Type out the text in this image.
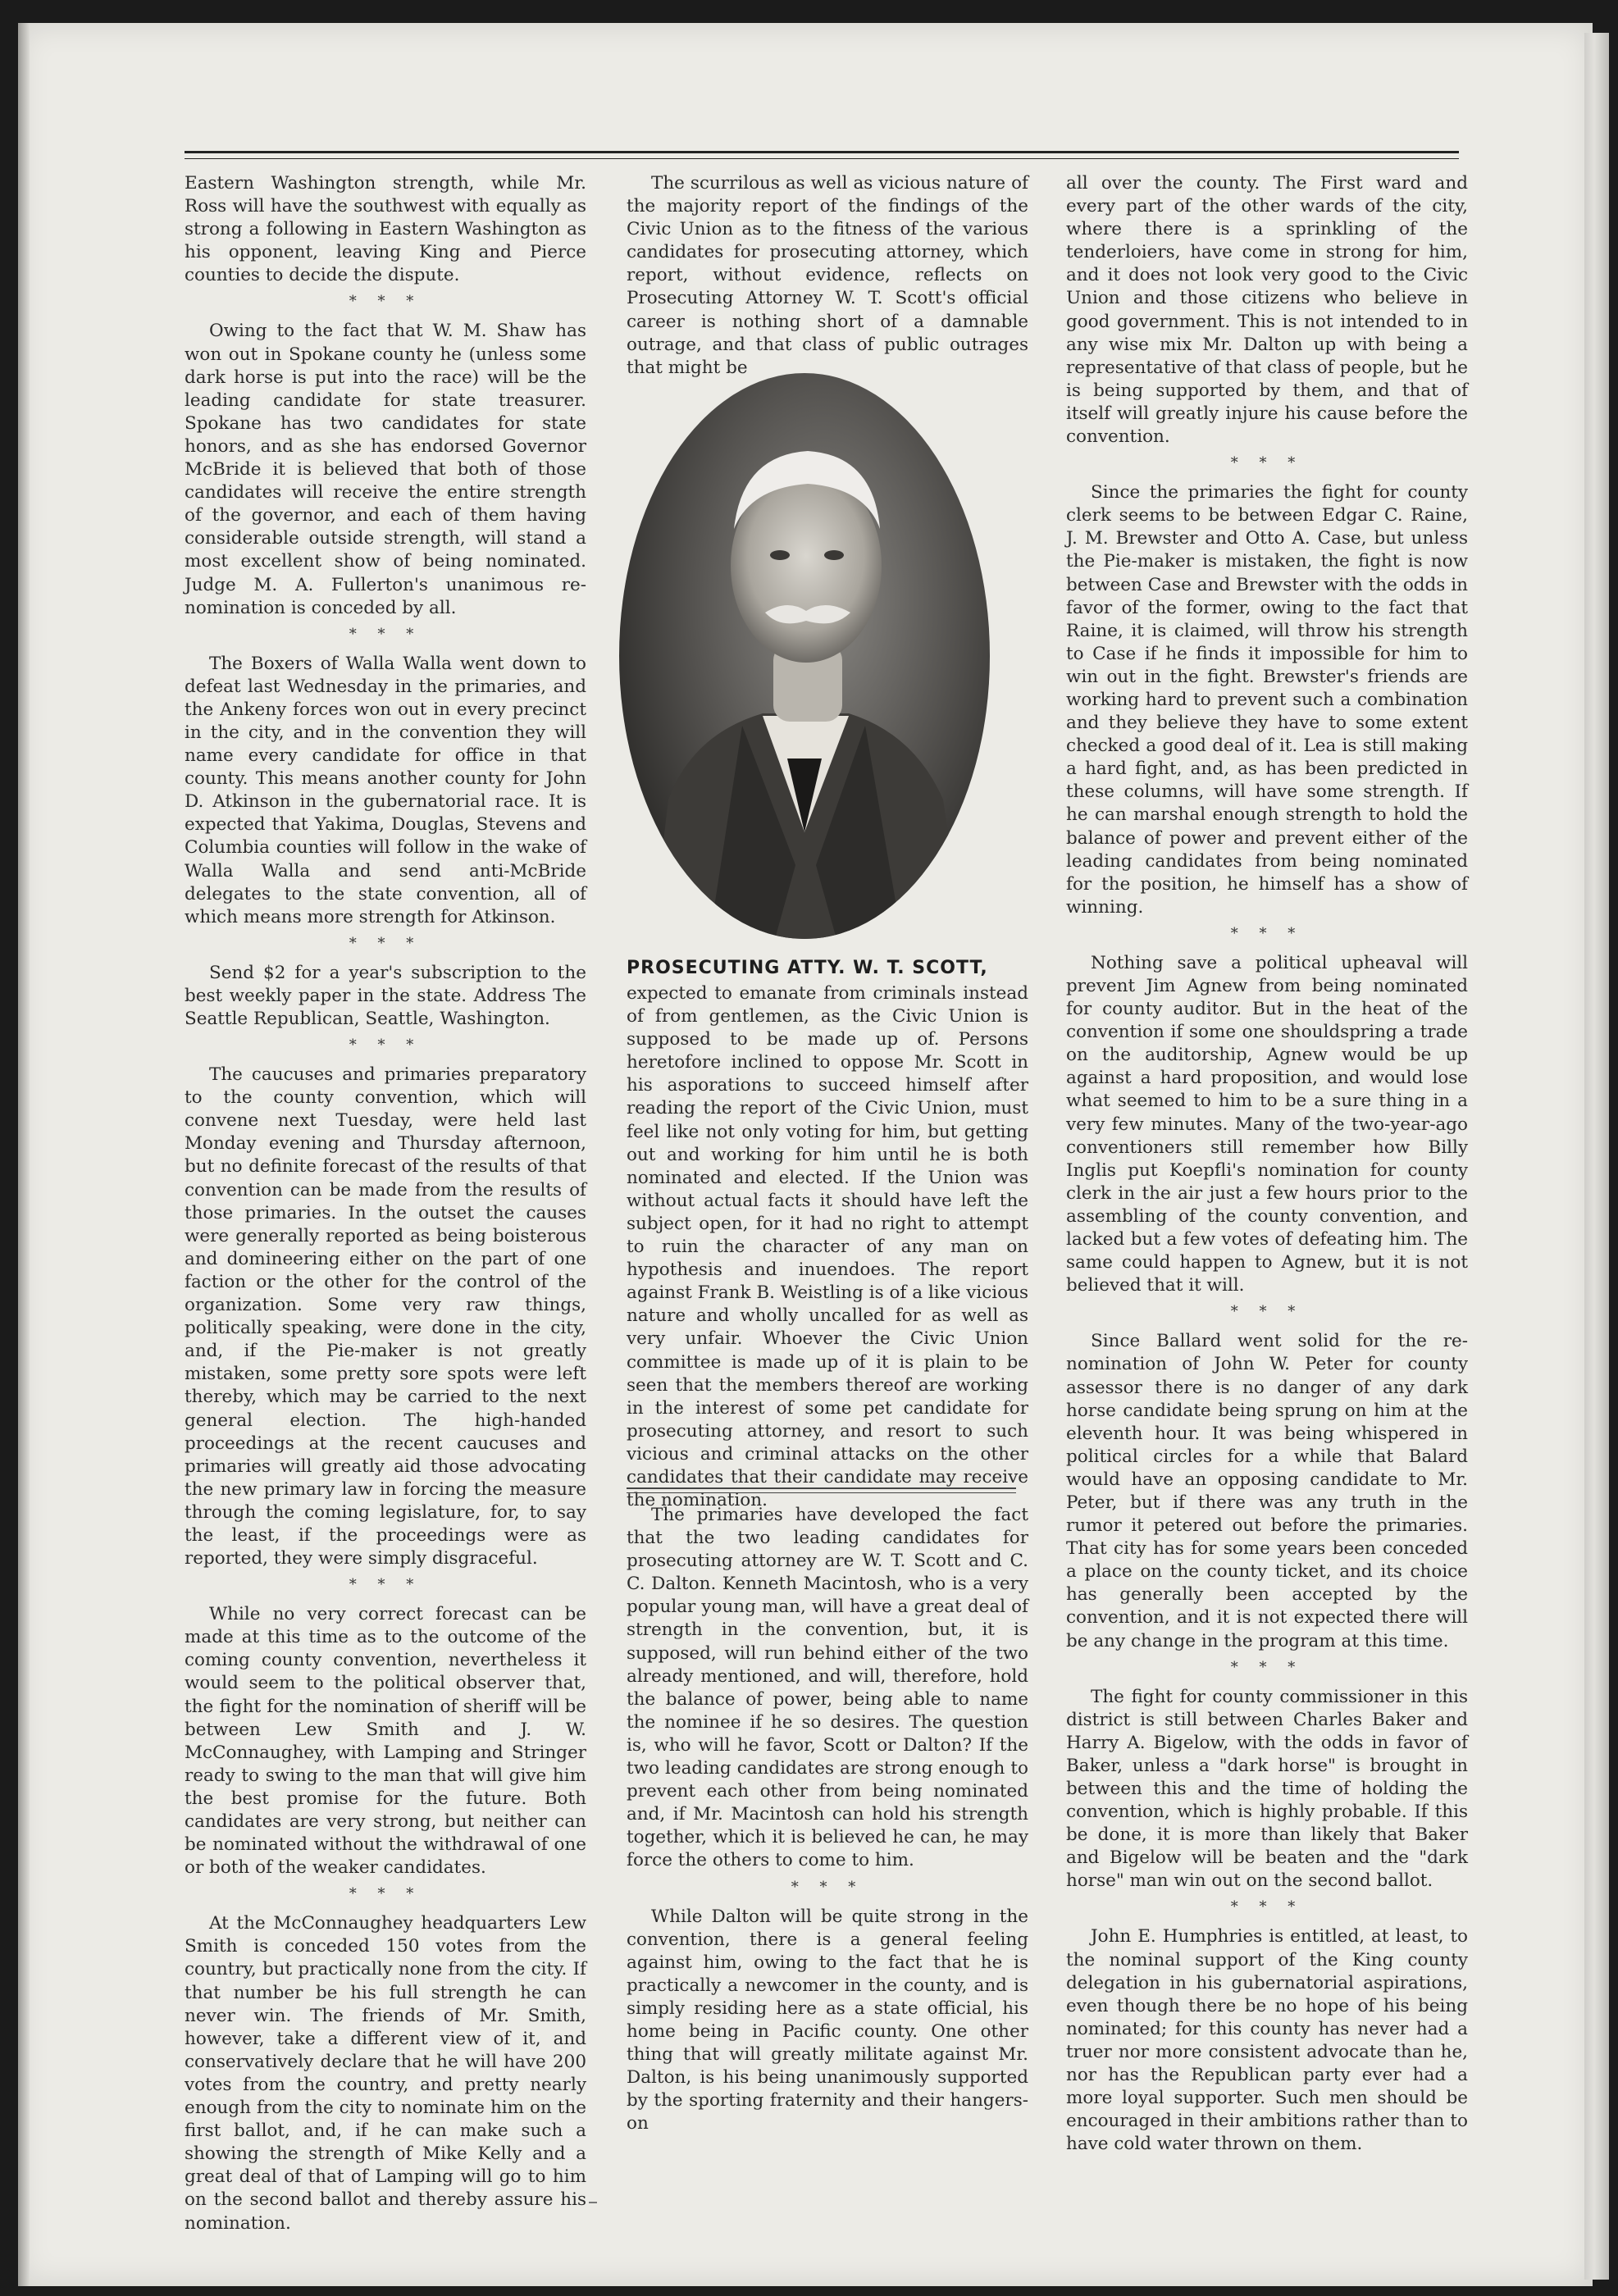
Eastern Washington strength, while Mr. Ross will have the southwest with equally as strong a following in Eastern Washington as his opponent, leaving King and Pierce counties to decide the dispute.

* * *

Owing to the fact that W. M. Shaw has won out in Spokane county he (unless some dark horse is put into the race) will be the leading candidate for state treasurer. Spokane has two candidates for state honors, and as she has endorsed Governor McBride it is believed that both of those candidates will receive the entire strength of the governor, and each of them having considerable outside strength, will stand a most excellent show of being nominated. Judge M. A. Fullerton's unanimous re-nomination is conceded by all.

* * *

The Boxers of Walla Walla went down to defeat last Wednesday in the primaries, and the Ankeny forces won out in every precinct in the city, and in the convention they will name every candidate for office in that county. This means another county for John D. Atkinson in the gubernatorial race. It is expected that Yakima, Douglas, Stevens and Columbia counties will follow in the wake of Walla Walla and send anti-McBride delegates to the state convention, all of which means more strength for Atkinson.

* * *

Send $2 for a year's subscription to the best weekly paper in the state. Address The Seattle Republican, Seattle, Washington.

* * *

The caucuses and primaries preparatory to the county convention, which will convene next Tuesday, were held last Monday evening and Thursday afternoon, but no definite forecast of the results of that convention can be made from the results of those primaries. In the outset the causes were generally reported as being boisterous and domineering either on the part of one faction or the other for the control of the organization. Some very raw things, politically speaking, were done in the city, and, if the Pie-maker is not greatly mistaken, some pretty sore spots were left thereby, which may be carried to the next general election. The high-handed proceedings at the recent caucuses and primaries will greatly aid those advocating the new primary law in forcing the measure through the coming legislature, for, to say the least, if the proceedings were as reported, they were simply disgraceful.

* * *

While no very correct forecast can be made at this time as to the outcome of the coming county convention, nevertheless it would seem to the political observer that, the fight for the nomination of sheriff will be between Lew Smith and J. W. McConnaughey, with Lamping and Stringer ready to swing to the man that will give him the best promise for the future. Both candidates are very strong, but neither can be nominated without the withdrawal of one or both of the weaker candidates.

* * *

At the McConnaughey headquarters Lew Smith is conceded 150 votes from the country, but practically none from the city. If that number be his full strength he can never win. The friends of Mr. Smith, however, take a different view of it, and conservatively declare that he will have 200 votes from the country, and pretty nearly enough from the city to nominate him on the first ballot, and, if he can make such a showing the strength of Mike Kelly and a great deal of that of Lamping will go to him on the second ballot and thereby assure his nomination.

The scurrilous as well as vicious nature of the majority report of the findings of the Civic Union as to the fitness of the various candidates for prosecuting attorney, which report, without evidence, reflects on Prosecuting Attorney W. T. Scott's official career is nothing short of a damnable outrage, and that class of public outrages that might be

PROSECUTING ATTY. W. T. SCOTT,

expected to emanate from criminals instead of from gentlemen, as the Civic Union is supposed to be made up of. Persons heretofore inclined to oppose Mr. Scott in his asporations to succeed himself after reading the report of the Civic Union, must feel like not only voting for him, but getting out and working for him until he is both nominated and elected. If the Union was without actual facts it should have left the subject open, for it had no right to attempt to ruin the character of any man on hypothesis and inuendoes. The report against Frank B. Weistling is of a like vicious nature and wholly uncalled for as well as very unfair. Whoever the Civic Union committee is made up of it is plain to be seen that the members thereof are working in the interest of some pet candidate for prosecuting attorney, and resort to such vicious and criminal attacks on the other candidates that their candidate may receive the nomination.

The primaries have developed the fact that the two leading candidates for prosecuting attorney are W. T. Scott and C. C. Dalton. Kenneth Macintosh, who is a very popular young man, will have a great deal of strength in the convention, but, it is supposed, will run behind either of the two already mentioned, and will, therefore, hold the balance of power, being able to name the nominee if he so desires. The question is, who will he favor, Scott or Dalton? If the two leading candidates are strong enough to prevent each other from being nominated and, if Mr. Macintosh can hold his strength together, which it is believed he can, he may force the others to come to him.

* * *

While Dalton will be quite strong in the convention, there is a general feeling against him, owing to the fact that he is practically a newcomer in the county, and is simply residing here as a state official, his home being in Pacific county. One other thing that will greatly militate against Mr. Dalton, is his being unanimously supported by the sporting fraternity and their hangers-on

all over the county. The First ward and every part of the other wards of the city, where there is a sprinkling of the tenderloiers, have come in strong for him, and it does not look very good to the Civic Union and those citizens who believe in good government. This is not intended to in any wise mix Mr. Dalton up with being a representative of that class of people, but he is being supported by them, and that of itself will greatly injure his cause before the convention.

* * *

Since the primaries the fight for county clerk seems to be between Edgar C. Raine, J. M. Brewster and Otto A. Case, but unless the Pie-maker is mistaken, the fight is now between Case and Brewster with the odds in favor of the former, owing to the fact that Raine, it is claimed, will throw his strength to Case if he finds it impossible for him to win out in the fight. Brewster's friends are working hard to prevent such a combination and they believe they have to some extent checked a good deal of it. Lea is still making a hard fight, and, as has been predicted in these columns, will have some strength. If he can marshal enough strength to hold the balance of power and prevent either of the leading candidates from being nominated for the position, he himself has a show of winning.

* * *

Nothing save a political upheaval will prevent Jim Agnew from being nominated for county auditor. But in the heat of the convention if some one shouldspring a trade on the auditorship, Agnew would be up against a hard proposition, and would lose what seemed to him to be a sure thing in a very few minutes. Many of the two-year-ago conventioners still remember how Billy Inglis put Koepfli's nomination for county clerk in the air just a few hours prior to the assembling of the county convention, and lacked but a few votes of defeating him. The same could happen to Agnew, but it is not believed that it will.

* * *

Since Ballard went solid for the re-nomination of John W. Peter for county assessor there is no danger of any dark horse candidate being sprung on him at the eleventh hour. It was being whispered in political circles for a while that Balard would have an opposing candidate to Mr. Peter, but if there was any truth in the rumor it petered out before the primaries. That city has for some years been conceded a place on the county ticket, and its choice has generally been accepted by the convention, and it is not expected there will be any change in the program at this time.

* * *

The fight for county commissioner in this district is still between Charles Baker and Harry A. Bigelow, with the odds in favor of Baker, unless a "dark horse" is brought in between this and the time of holding the convention, which is highly probable. If this be done, it is more than likely that Baker and Bigelow will be beaten and the "dark horse" man win out on the second ballot.

* * *

John E. Humphries is entitled, at least, to the nominal support of the King county delegation in his gubernatorial aspirations, even though there be no hope of his being nominated; for this county has never had a truer nor more consistent advocate than he, nor has the Republican party ever had a more loyal supporter. Such men should be encouraged in their ambitions rather than to have cold water thrown on them.
